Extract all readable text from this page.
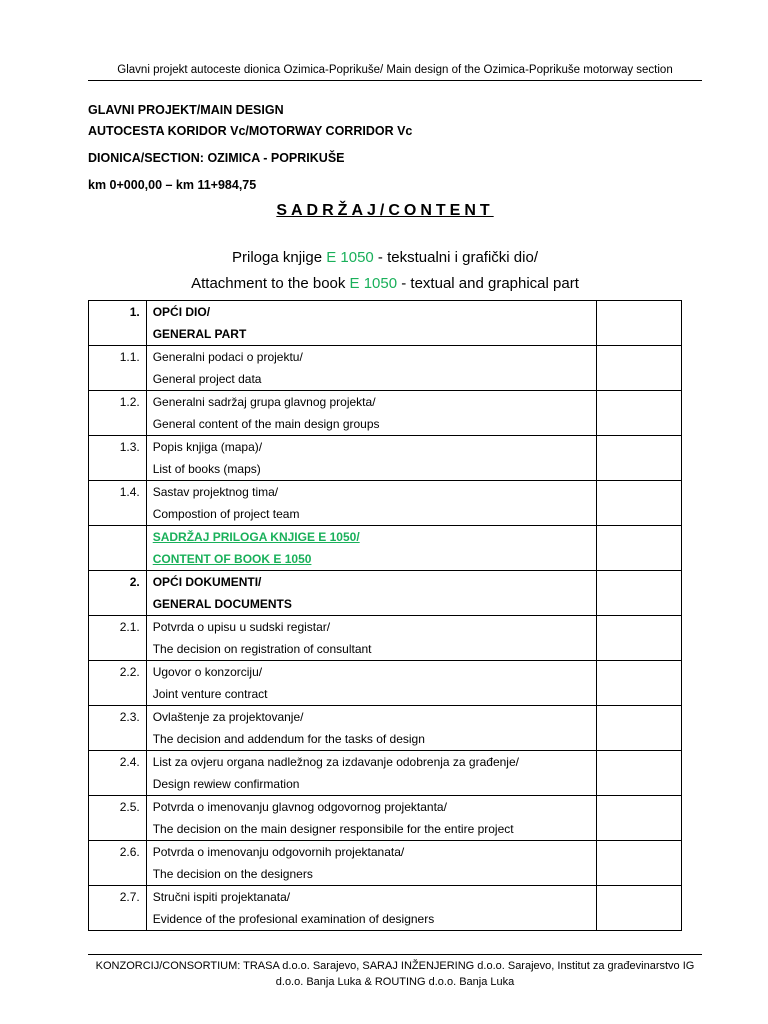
Glavni projekt autoceste dionica Ozimica-Poprikuše/ Main design of the Ozimica-Poprikuše motorway section
GLAVNI PROJEKT/MAIN DESIGN
AUTOCESTA KORIDOR Vc/MOTORWAY CORRIDOR Vc
DIONICA/SECTION: OZIMICA - POPRIKUŠE
km 0+000,00 – km 11+984,75
SADRŽAJ/CONTENT
Priloga knjige E 1050 - tekstualni i grafički dio/
Attachment to the book E 1050 - textual and graphical part
1.	OPĆI DIO/
GENERAL PART	

1.1.	Generalni podaci o projektu/
General project data	

1.2.	Generalni sadržaj grupa glavnog projekta/
General content of the main design groups	

1.3.	Popis knjiga (mapa)/
List of books (maps)	

1.4.	Sastav projektnog tima/
Compostion of project team	

	SADRŽAJ PRILOGA KNJIGE E 1050/
CONTENT OF BOOK E 1050	

2.	OPĆI DOKUMENTI/
GENERAL DOCUMENTS	

2.1.	Potvrda o upisu u sudski registar/
The decision on registration of consultant	

2.2.	Ugovor o konzorciju/
Joint venture contract	

2.3.	Ovlaštenje za projektovanje/
The decision and addendum for the tasks of design	

2.4.	List za ovjeru organa nadležnog za izdavanje odobrenja za građenje/
Design rewiew confirmation	

2.5.	Potvrda o imenovanju glavnog odgovornog projektanta/
The decision on the main designer responsibile for the entire project	

2.6.	Potvrda o imenovanju odgovornih projektanata/
The decision on the designers	

2.7.	Stručni ispiti projektanata/
Evidence of the profesional examination of designers	

KONZORCIJ/CONSORTIUM: TRASA d.o.o. Sarajevo, SARAJ INŽENJERING d.o.o. Sarajevo, Institut za građevinarstvo IG
d.o.o. Banja Luka & ROUTING d.o.o. Banja Luka
